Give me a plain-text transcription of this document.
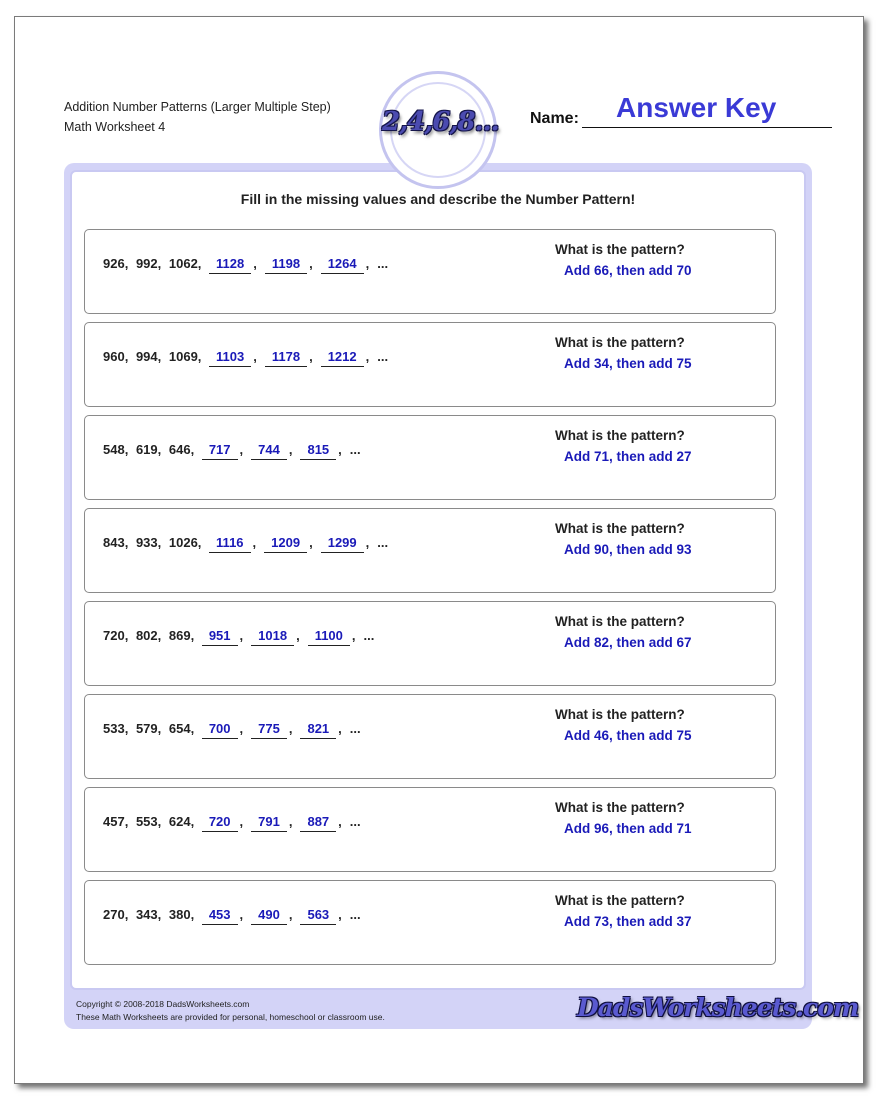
Addition Number Patterns (Larger Multiple Step)
Math Worksheet 4	Name: Answer Key
2,4,6,8...
Fill in the missing values and describe the Number Pattern!
926, 992, 1062, 1128 , 1198 , 1264 , ...
What is the pattern?
Add 66, then add 70
960, 994, 1069, 1103 , 1178 , 1212 , ...
What is the pattern?
Add 34, then add 75
548, 619, 646, 717 , 744 , 815 , ...
What is the pattern?
Add 71, then add 27
843, 933, 1026, 1116 , 1209 , 1299 , ...
What is the pattern?
Add 90, then add 93
720, 802, 869, 951 , 1018 , 1100 , ...
What is the pattern?
Add 82, then add 67
533, 579, 654, 700 , 775 , 821 , ...
What is the pattern?
Add 46, then add 75
457, 553, 624, 720 , 791 , 887 , ...
What is the pattern?
Add 96, then add 71
270, 343, 380, 453 , 490 , 563 , ...
What is the pattern?
Add 73, then add 37
Copyright © 2008-2018 DadsWorksheets.com
These Math Worksheets are provided for personal, homeschool or classroom use.	DadsWorksheets.com
